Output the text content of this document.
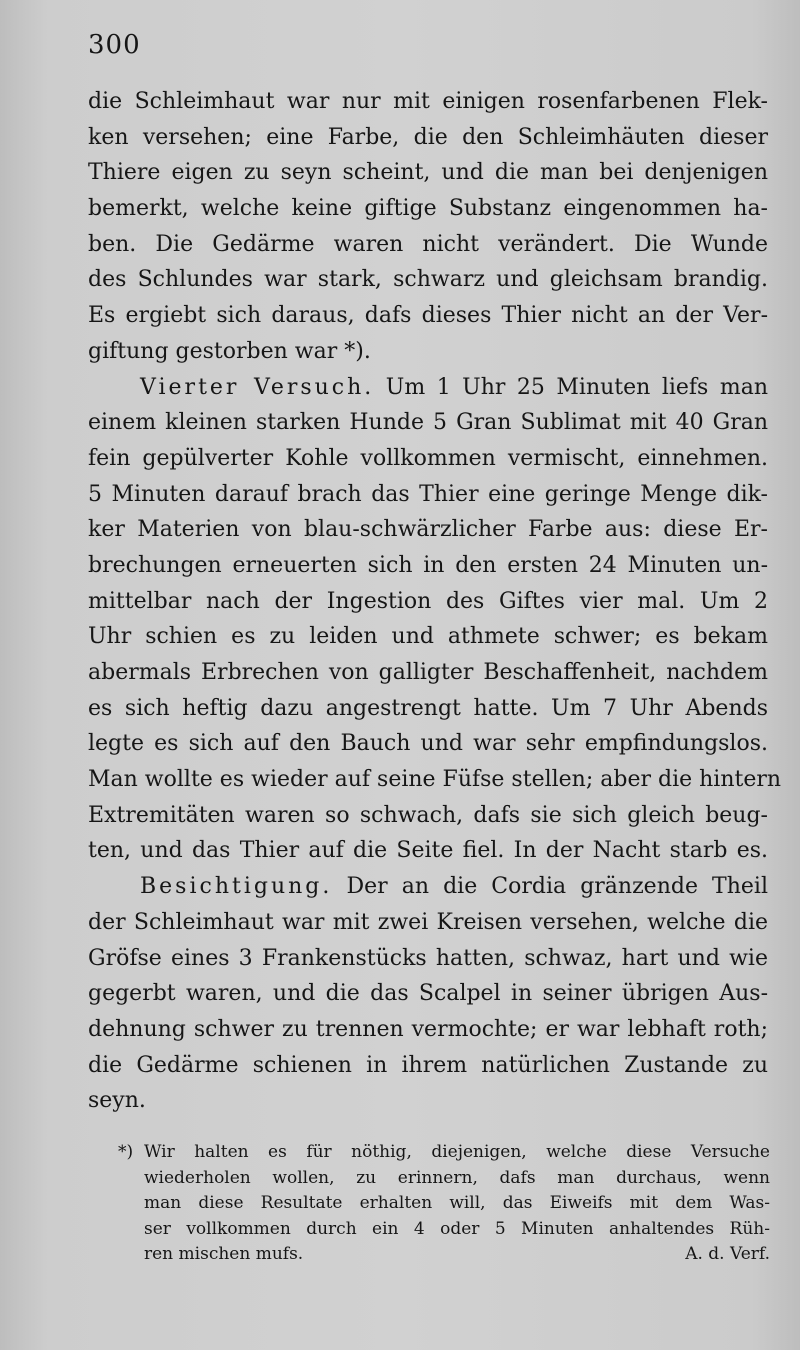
300
die Schleimhaut war nur mit einigen rosenfarbenen Flek-
ken versehen; eine Farbe, die den Schleimhäuten dieser
Thiere eigen zu seyn scheint, und die man bei denjenigen
bemerkt, welche keine giftige Substanz eingenommen ha-
ben. Die Gedärme waren nicht verändert. Die Wunde
des Schlundes war stark, schwarz und gleichsam brandig.
Es ergiebt sich daraus, dafs dieses Thier nicht an der Ver-
giftung gestorben war *).
Vierter Versuch. Um 1 Uhr 25 Minuten liefs man
einem kleinen starken Hunde 5 Gran Sublimat mit 40 Gran
fein gepülverter Kohle vollkommen vermischt, einnehmen.
5 Minuten darauf brach das Thier eine geringe Menge dik-
ker Materien von blau-schwärzlicher Farbe aus: diese Er-
brechungen erneuerten sich in den ersten 24 Minuten un-
mittelbar nach der Ingestion des Giftes vier mal. Um 2
Uhr schien es zu leiden und athmete schwer; es bekam
abermals Erbrechen von galligter Beschaffenheit, nachdem
es sich heftig dazu angestrengt hatte. Um 7 Uhr Abends
legte es sich auf den Bauch und war sehr empfindungslos.
Man wollte es wieder auf seine Füfse stellen; aber die hintern
Extremitäten waren so schwach, dafs sie sich gleich beug-
ten, und das Thier auf die Seite fiel. In der Nacht starb es.
Besichtigung. Der an die Cordia gränzende Theil
der Schleimhaut war mit zwei Kreisen versehen, welche die
Gröfse eines 3 Frankenstücks hatten, schwaz, hart und wie
gegerbt waren, und die das Scalpel in seiner übrigen Aus-
dehnung schwer zu trennen vermochte; er war lebhaft roth;
die Gedärme schienen in ihrem natürlichen Zustande zu
seyn.
*) Wir halten es für nöthig, diejenigen, welche diese Versuche
wiederholen wollen, zu erinnern, dafs man durchaus, wenn
man diese Resultate erhalten will, das Eiweifs mit dem Was-
ser vollkommen durch ein 4 oder 5 Minuten anhaltendes Rüh-
ren mischen mufs.	A. d. Verf.
